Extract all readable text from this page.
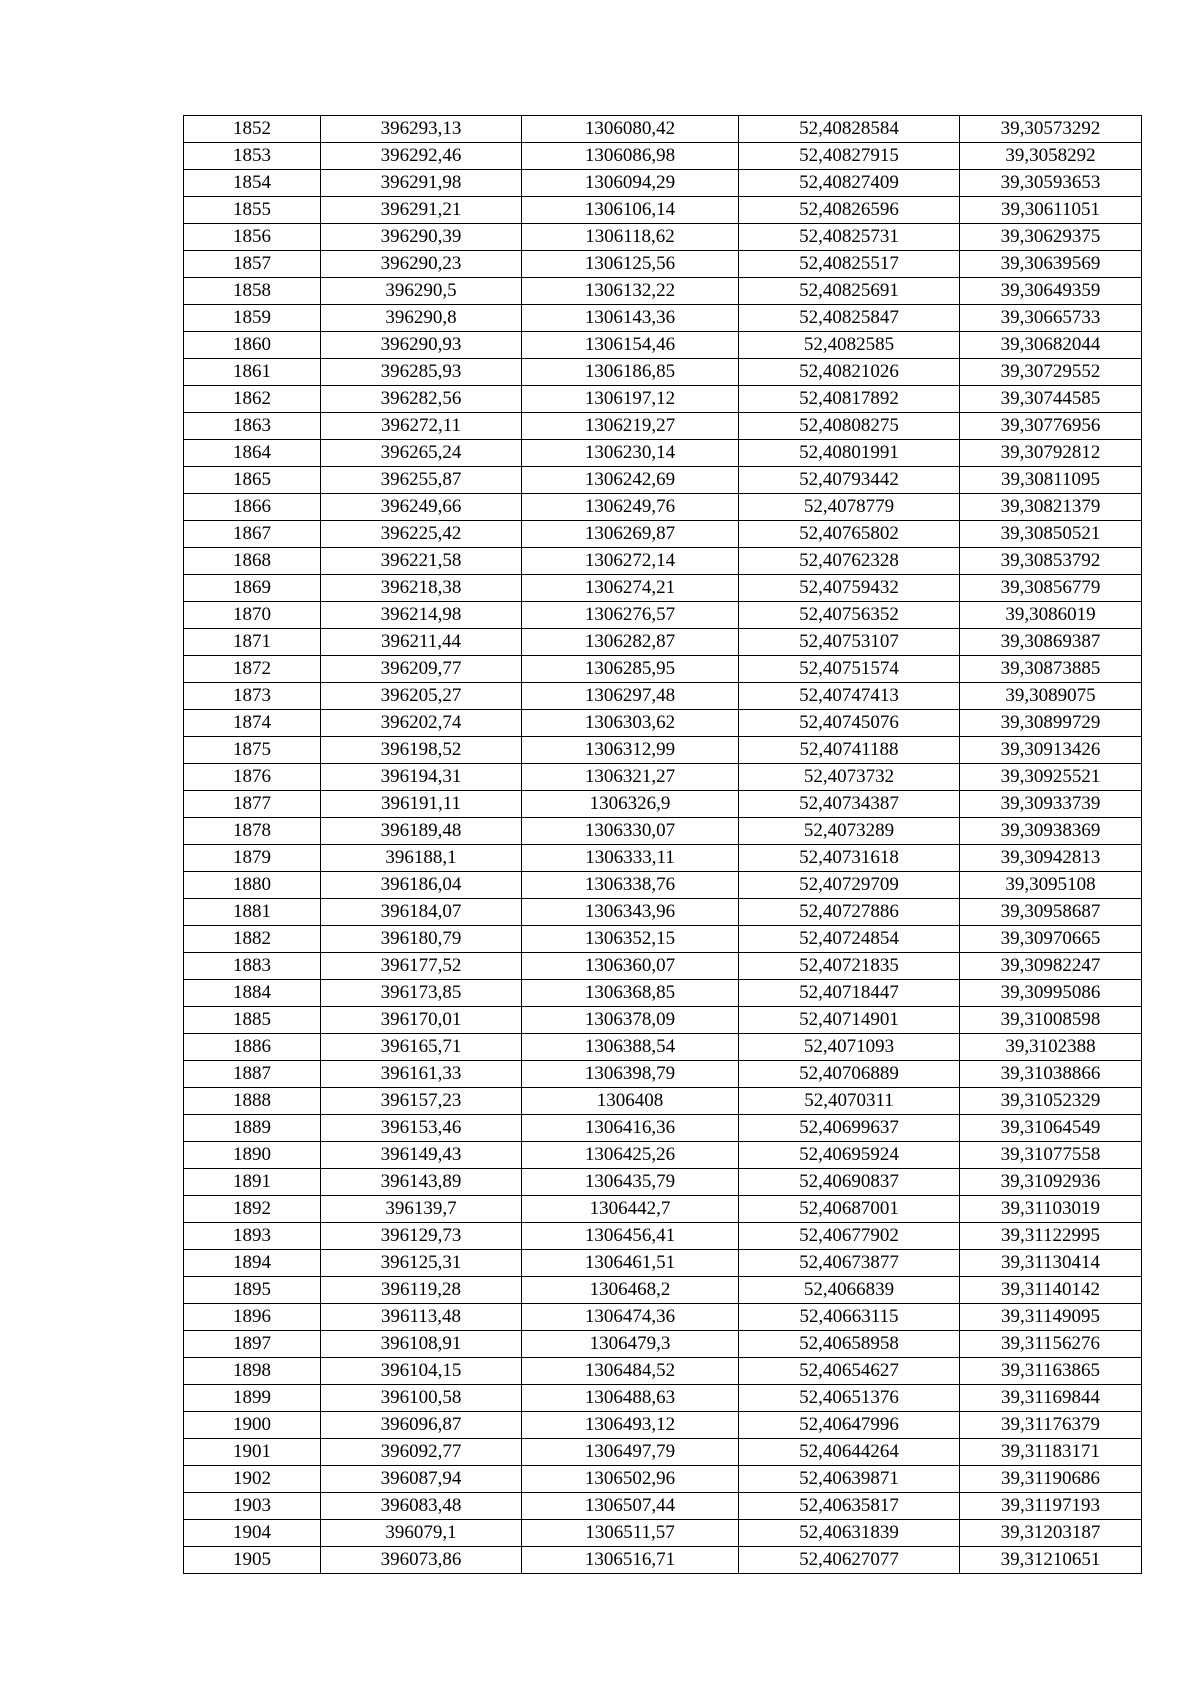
1852	396293,13	1306080,42	52,40828584	39,30573292
1853	396292,46	1306086,98	52,40827915	39,3058292
1854	396291,98	1306094,29	52,40827409	39,30593653
1855	396291,21	1306106,14	52,40826596	39,30611051
1856	396290,39	1306118,62	52,40825731	39,30629375
1857	396290,23	1306125,56	52,40825517	39,30639569
1858	396290,5	1306132,22	52,40825691	39,30649359
1859	396290,8	1306143,36	52,40825847	39,30665733
1860	396290,93	1306154,46	52,4082585	39,30682044
1861	396285,93	1306186,85	52,40821026	39,30729552
1862	396282,56	1306197,12	52,40817892	39,30744585
1863	396272,11	1306219,27	52,40808275	39,30776956
1864	396265,24	1306230,14	52,40801991	39,30792812
1865	396255,87	1306242,69	52,40793442	39,30811095
1866	396249,66	1306249,76	52,4078779	39,30821379
1867	396225,42	1306269,87	52,40765802	39,30850521
1868	396221,58	1306272,14	52,40762328	39,30853792
1869	396218,38	1306274,21	52,40759432	39,30856779
1870	396214,98	1306276,57	52,40756352	39,3086019
1871	396211,44	1306282,87	52,40753107	39,30869387
1872	396209,77	1306285,95	52,40751574	39,30873885
1873	396205,27	1306297,48	52,40747413	39,3089075
1874	396202,74	1306303,62	52,40745076	39,30899729
1875	396198,52	1306312,99	52,40741188	39,30913426
1876	396194,31	1306321,27	52,4073732	39,30925521
1877	396191,11	1306326,9	52,40734387	39,30933739
1878	396189,48	1306330,07	52,4073289	39,30938369
1879	396188,1	1306333,11	52,40731618	39,30942813
1880	396186,04	1306338,76	52,40729709	39,3095108
1881	396184,07	1306343,96	52,40727886	39,30958687
1882	396180,79	1306352,15	52,40724854	39,30970665
1883	396177,52	1306360,07	52,40721835	39,30982247
1884	396173,85	1306368,85	52,40718447	39,30995086
1885	396170,01	1306378,09	52,40714901	39,31008598
1886	396165,71	1306388,54	52,4071093	39,3102388
1887	396161,33	1306398,79	52,40706889	39,31038866
1888	396157,23	1306408	52,4070311	39,31052329
1889	396153,46	1306416,36	52,40699637	39,31064549
1890	396149,43	1306425,26	52,40695924	39,31077558
1891	396143,89	1306435,79	52,40690837	39,31092936
1892	396139,7	1306442,7	52,40687001	39,31103019
1893	396129,73	1306456,41	52,40677902	39,31122995
1894	396125,31	1306461,51	52,40673877	39,31130414
1895	396119,28	1306468,2	52,4066839	39,31140142
1896	396113,48	1306474,36	52,40663115	39,31149095
1897	396108,91	1306479,3	52,40658958	39,31156276
1898	396104,15	1306484,52	52,40654627	39,31163865
1899	396100,58	1306488,63	52,40651376	39,31169844
1900	396096,87	1306493,12	52,40647996	39,31176379
1901	396092,77	1306497,79	52,40644264	39,31183171
1902	396087,94	1306502,96	52,40639871	39,31190686
1903	396083,48	1306507,44	52,40635817	39,31197193
1904	396079,1	1306511,57	52,40631839	39,31203187
1905	396073,86	1306516,71	52,40627077	39,31210651
